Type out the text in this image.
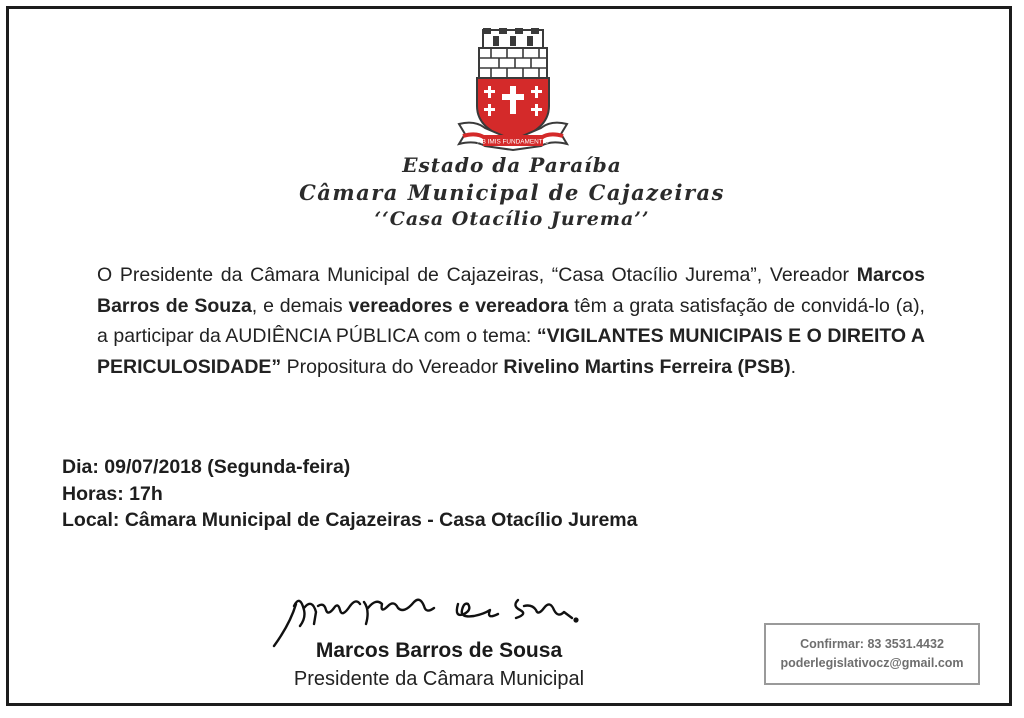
AB IMIS FUNDAMENTIS
Estado da Paraíba
Câmara Municipal de Cajazeiras
‘‘Casa Otacílio Jurema’’
O Presidente da Câmara Municipal de Cajazeiras, “Casa Otacílio Jurema”, Vereador Marcos Barros de Souza, e demais vereadores e vereadora têm a grata satisfação de convidá-lo (a), a participar da AUDIÊNCIA PÚBLICA com o tema: “VIGILANTES MUNICIPAIS E O DIREITO A PERICULOSIDADE” Propositura do Vereador Rivelino Martins Ferreira (PSB).
Dia: 09/07/2018 (Segunda-feira)
Horas: 17h
Local: Câmara Municipal de Cajazeiras - Casa Otacílio Jurema
Marcos Barros de Sousa
Presidente da Câmara Municipal
Confirmar: 83 3531.4432
poderlegislativocz@gmail.com
